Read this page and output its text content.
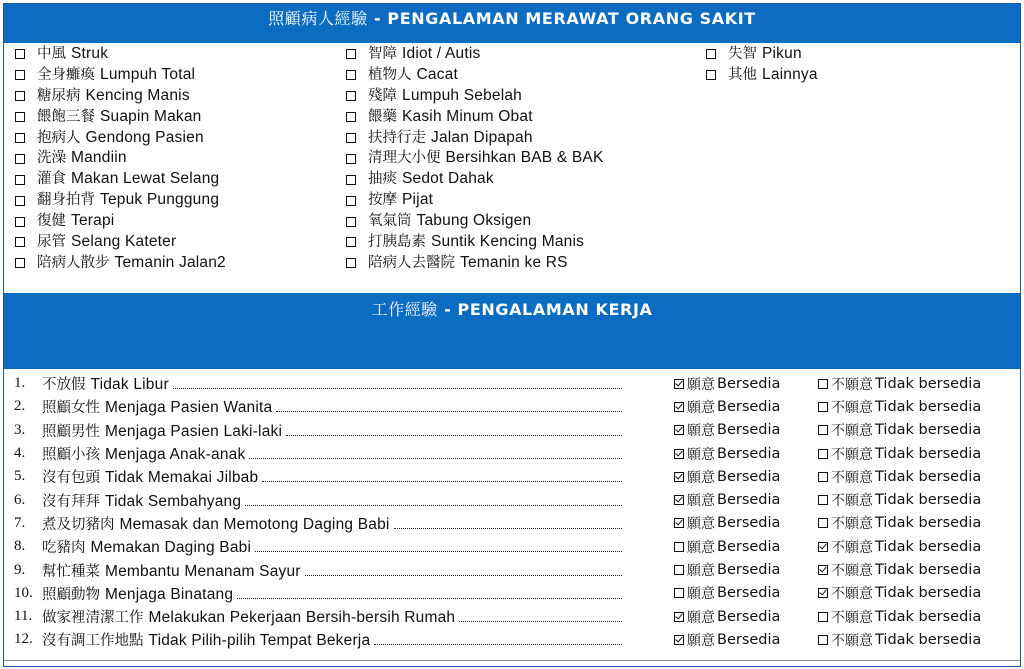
照顧病人經驗 - PENGALAMAN MERAWAT ORANG SAKIT
中風 Struk
全身癱瘓 Lumpuh Total
糖尿病 Kencing Manis
餵飽三餐 Suapin Makan
抱病人 Gendong Pasien
洗澡 Mandiin
灌食 Makan Lewat Selang
翻身拍背 Tepuk Punggung
復健 Terapi
尿管 Selang Kateter
陪病人散步 Temanin Jalan2
智障 Idiot / Autis
植物人 Cacat
殘障 Lumpuh Sebelah
餵藥 Kasih Minum Obat
扶持行走 Jalan Dipapah
清理大小便 Bersihkan BAB & BAK
抽痰 Sedot Dahak
按摩 Pijat
氧氣筒 Tabung Oksigen
打胰島素 Suntik Kencing Manis
陪病人去醫院 Temanin ke RS
失智 Pikun
其他 Lainnya
工作經驗 - PENGALAMAN KERJA
1.	不放假 Tidak Libur	願意 Bersedia	不願意 Tidak bersedia
2.	照顧女性 Menjaga Pasien Wanita	願意 Bersedia	不願意 Tidak bersedia
3.	照顧男性 Menjaga Pasien Laki-laki	願意 Bersedia	不願意 Tidak bersedia
4.	照顧小孩 Menjaga Anak-anak	願意 Bersedia	不願意 Tidak bersedia
5.	沒有包頭 Tidak Memakai Jilbab	願意 Bersedia	不願意 Tidak bersedia
6.	沒有拜拜 Tidak Sembahyang	願意 Bersedia	不願意 Tidak bersedia
7.	煮及切豬肉 Memasak dan Memotong Daging Babi	願意 Bersedia	不願意 Tidak bersedia
8.	吃豬肉 Memakan Daging Babi	願意 Bersedia	不願意 Tidak bersedia
9.	幫忙種菜 Membantu Menanam Sayur	願意 Bersedia	不願意 Tidak bersedia
10. 照顧動物 Menjaga Binatang	願意 Bersedia	不願意 Tidak bersedia
11. 做家裡清潔工作 Melakukan Pekerjaan Bersih-bersih Rumah	願意 Bersedia	不願意 Tidak bersedia
12. 沒有調工作地點 Tidak Pilih-pilih Tempat Bekerja	願意 Bersedia	不願意 Tidak bersedia
